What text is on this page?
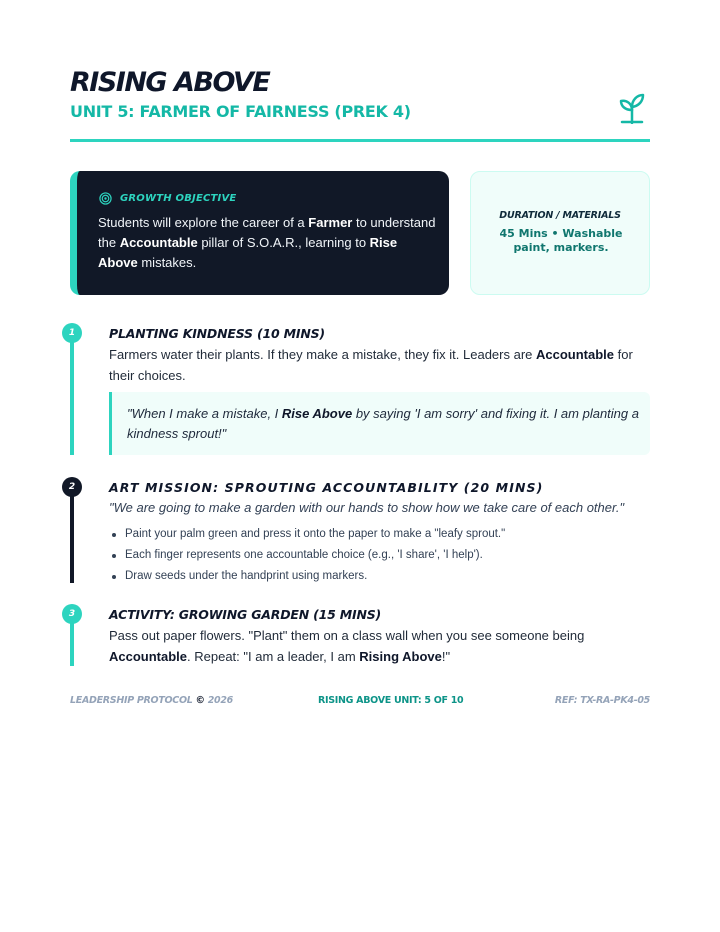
RISING ABOVE
UNIT 5: FARMER OF FAIRNESS (PREK 4)
GROWTH OBJECTIVE
Students will explore the career of a Farmer to understand the Accountable pillar of S.O.A.R., learning to Rise Above mistakes.
DURATION / MATERIALS
45 Mins • Washable paint, markers.
1	PLANTING KINDNESS (10 MINS)
Farmers water their plants. If they make a mistake, they fix it. Leaders are Accountable for their choices.
"When I make a mistake, I Rise Above by saying 'I am sorry' and fixing it. I am planting a kindness sprout!"
2	ART MISSION: SPROUTING ACCOUNTABILITY (20 MINS)
"We are going to make a garden with our hands to show how we take care of each other."
Paint your palm green and press it onto the paper to make a "leafy sprout."
Each finger represents one accountable choice (e.g., 'I share', 'I help').
Draw seeds under the handprint using markers.
3	ACTIVITY: GROWING GARDEN (15 MINS)
Pass out paper flowers. "Plant" them on a class wall when you see someone being Accountable. Repeat: "I am a leader, I am Rising Above!"
LEADERSHIP PROTOCOL © 2026	RISING ABOVE UNIT: 5 OF 10	REF: TX-RA-PK4-05
